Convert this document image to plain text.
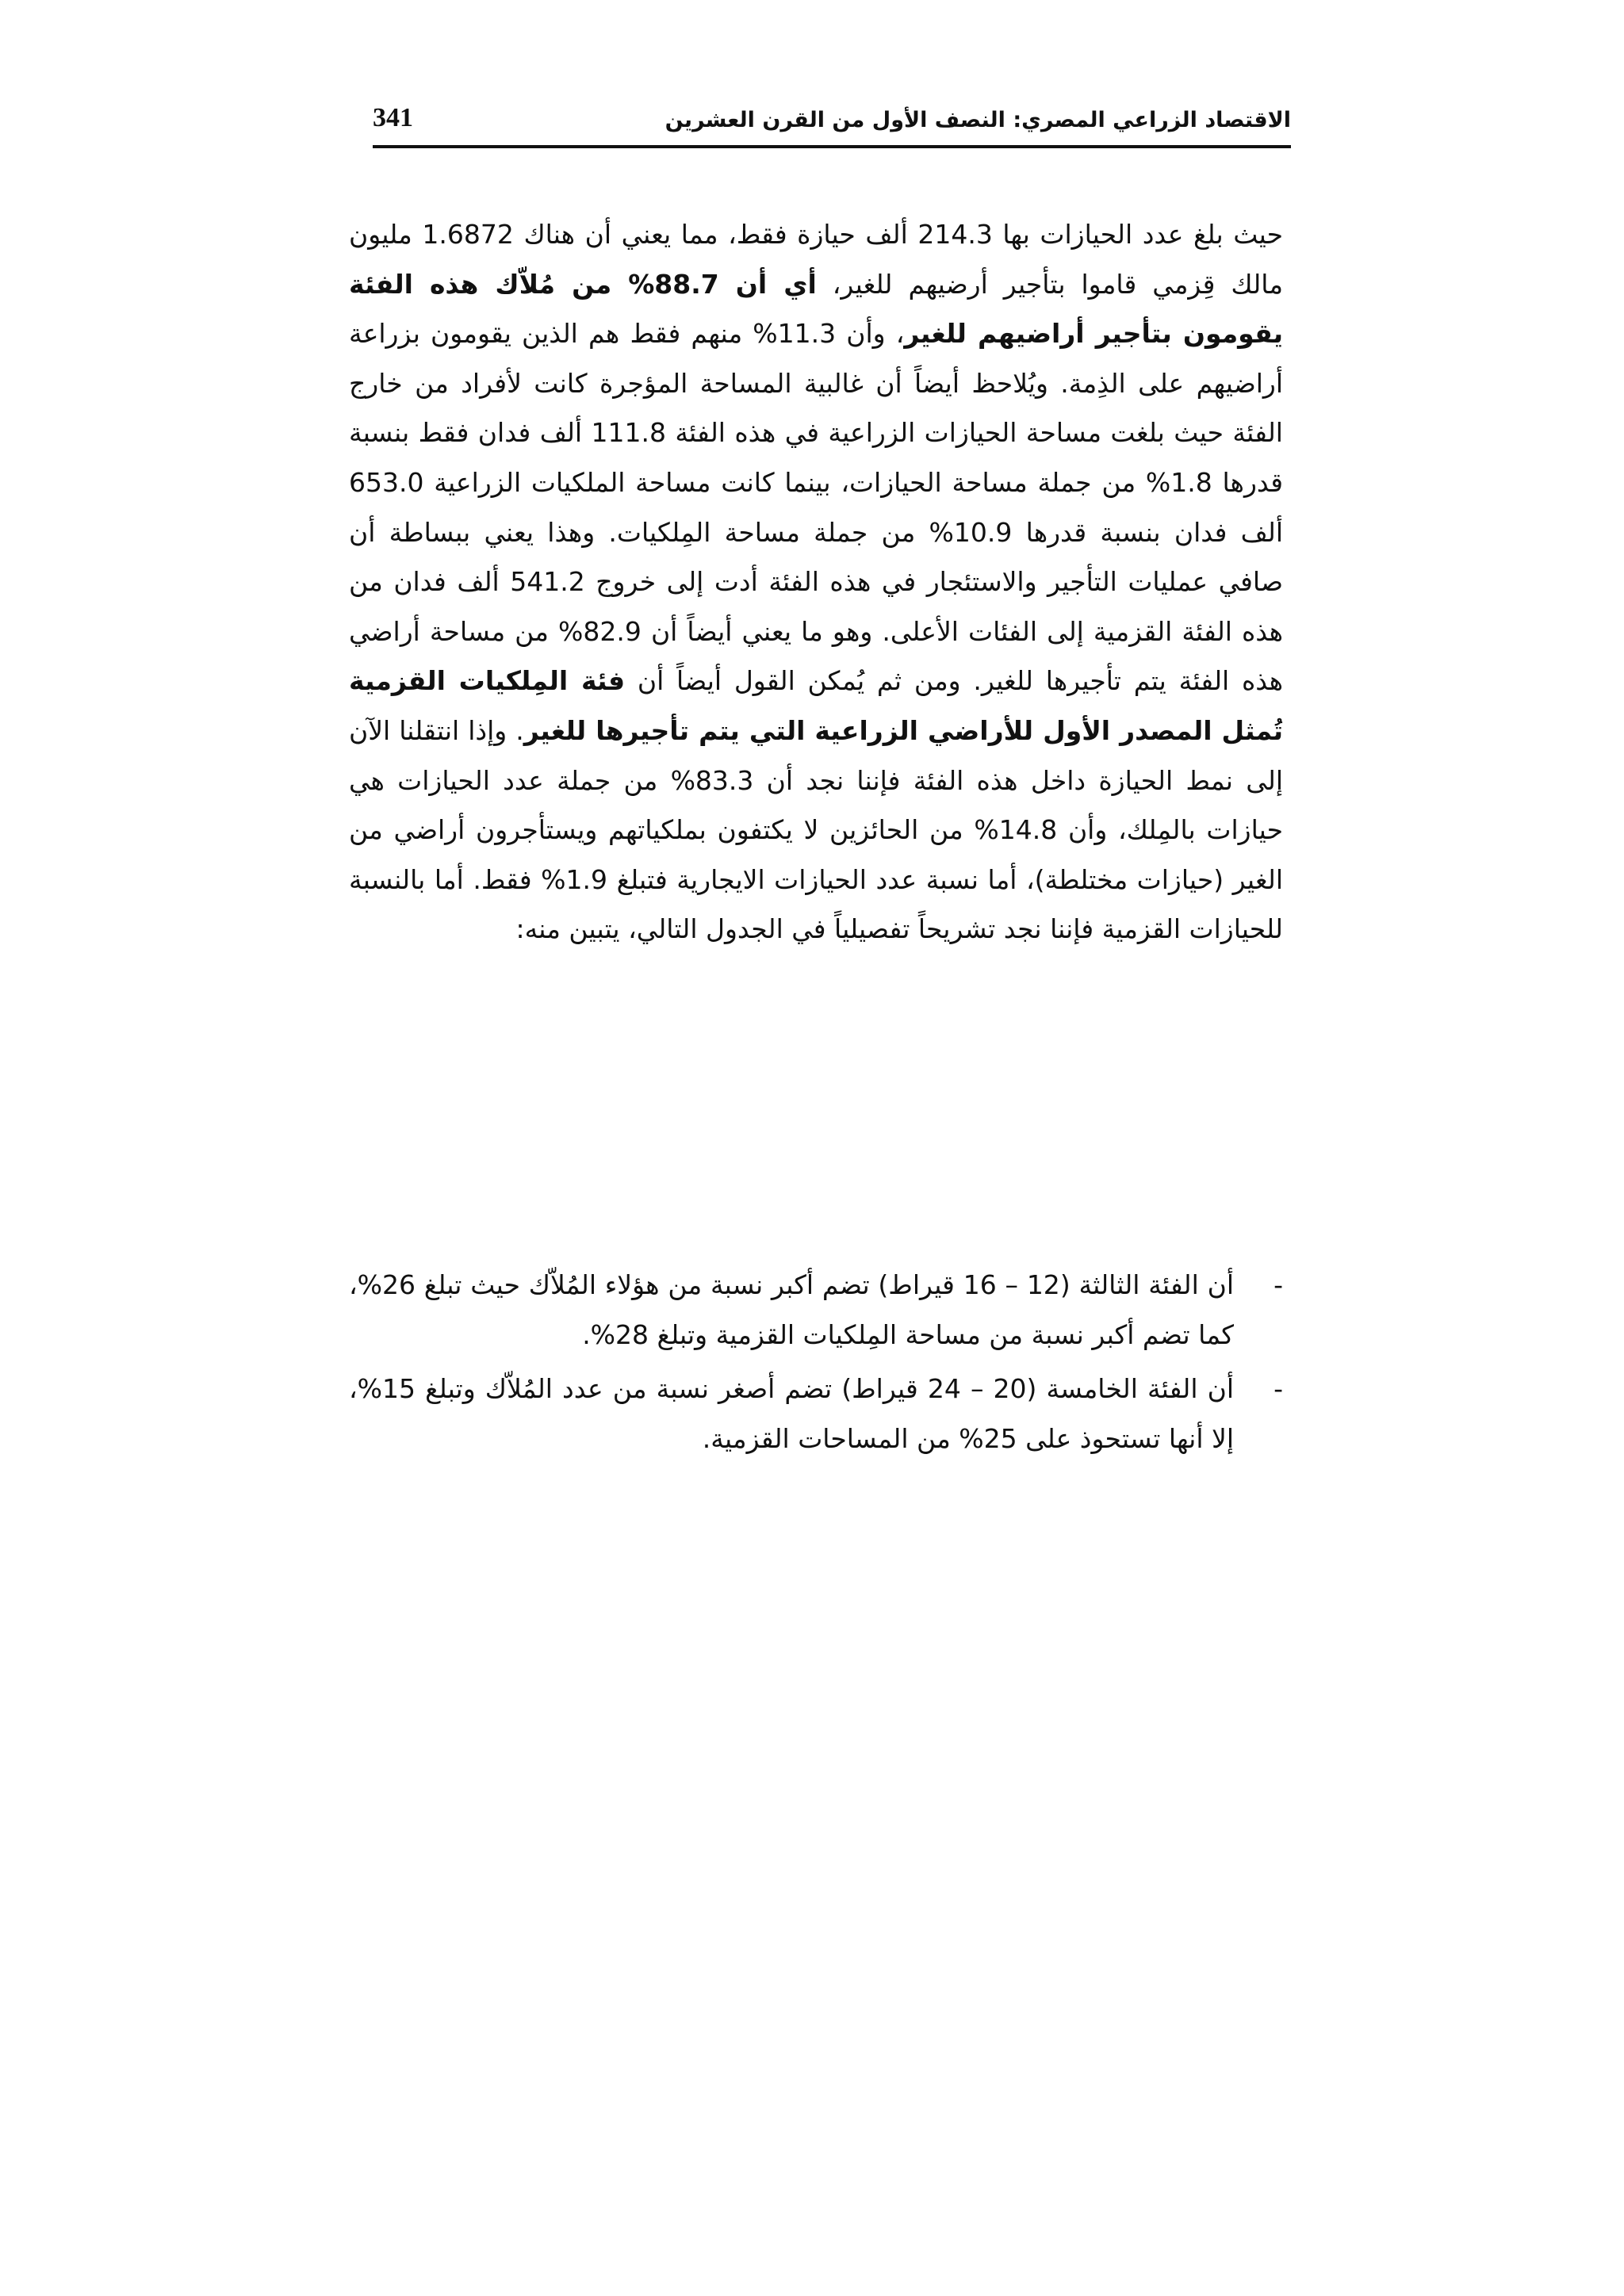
الاقتصاد الزراعي المصري: النصف الأول من القرن العشرين
341

حيث بلغ عدد الحيازات بها 214.3 ألف حيازة فقط، مما يعني أن هناك 1.6872 مليون مالك قِزمي قاموا بتأجير أرضيهم للغير، أي أن 88.7% من مُلاّك هذه الفئة يقومون بتأجير أراضيهم للغير، وأن 11.3% منهم فقط هم الذين يقومون بزراعة أراضيهم على الذِمة. ويُلاحظ أيضاً أن غالبية المساحة المؤجرة كانت لأفراد من خارج الفئة حيث بلغت مساحة الحيازات الزراعية في هذه الفئة 111.8 ألف فدان فقط بنسبة قدرها 1.8% من جملة مساحة الحيازات، بينما كانت مساحة الملكيات الزراعية 653.0 ألف فدان بنسبة قدرها 10.9% من جملة مساحة المِلكيات. وهذا يعني ببساطة أن صافي عمليات التأجير والاستئجار في هذه الفئة أدت إلى خروج 541.2 ألف فدان من هذه الفئة القزمية إلى الفئات الأعلى. وهو ما يعني أيضاً أن 82.9% من مساحة أراضي هذه الفئة يتم تأجيرها للغير. ومن ثم يُمكن القول أيضاً أن فئة المِلكيات القزمية تُمثل المصدر الأول للأراضي الزراعية التي يتم تأجيرها للغير. وإذا انتقلنا الآن إلى نمط الحيازة داخل هذه الفئة فإننا نجد أن 83.3% من جملة عدد الحيازات هي حيازات بالمِلك، وأن 14.8% من الحائزين لا يكتفون بملكياتهم ويستأجرون أراضي من الغير (حيازات مختلطة)، أما نسبة عدد الحيازات الايجارية فتبلغ 1.9% فقط. أما بالنسبة للحيازات القزمية فإننا نجد تشريحاً تفصيلياً في الجدول التالي، يتبين منه:

-
أن الفئة الثالثة (12 – 16 قيراط) تضم أكبر نسبة من هؤلاء المُلاّك حيث تبلغ 26%، كما تضم أكبر نسبة من مساحة المِلكيات القزمية وتبلغ 28%.
-
أن الفئة الخامسة (20 – 24 قيراط) تضم أصغر نسبة من عدد المُلاّك وتبلغ 15%، إلا أنها تستحوذ على 25% من المساحات القزمية.
